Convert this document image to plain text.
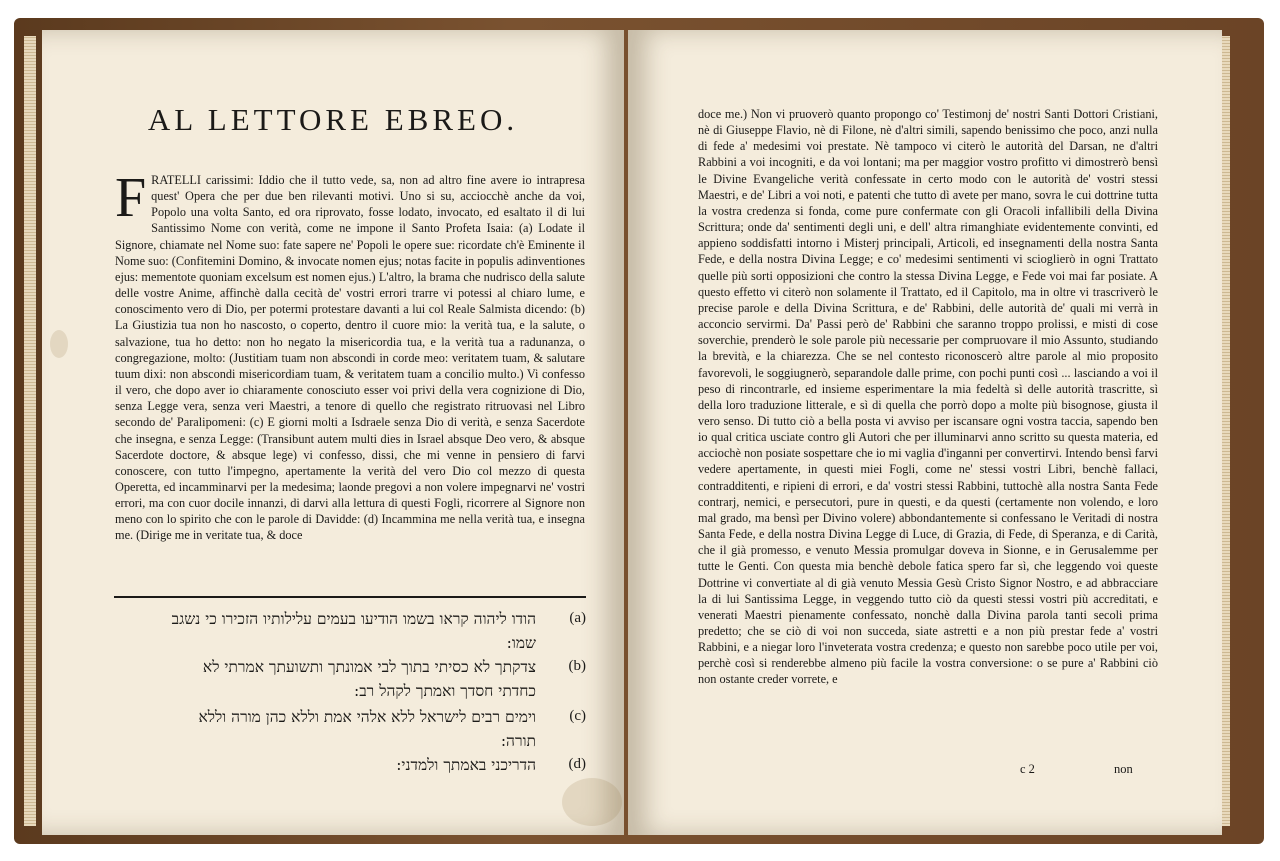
AL LETTORE EBREO.
FRATELLI carissimi: Iddio che il tutto vede, sa, non ad altro fine avere io intrapresa quest' Opera che per due ben rilevanti motivi. Uno si su, acciocchè anche da voi, Popolo una volta Santo, ed ora riprovato, fosse lodato, invocato, ed esaltato il di lui Santissimo Nome con verità, come ne impone il Santo Profeta Isaia: (a) Lodate il Signore, chiamate nel Nome suo: fate sapere ne' Popoli le opere sue: ricordate ch'è Eminente il Nome suo: (Confitemini Domino, & invocate nomen ejus; notas facite in populis adinventiones ejus: mementote quoniam excelsum est nomen ejus.) L'altro, la brama che nudrisco della salute delle vostre Anime, affinchè dalla cecità de' vostri errori trarre vi potessi al chiaro lume, e conoscimento vero di Dio, per potermi protestare davanti a lui col Reale Salmista dicendo: (b) La Giustizia tua non ho nascosto, o coperto, dentro il cuore mio: la verità tua, e la salute, o salvazione, tua ho detto: non ho negato la misericordia tua, e la verità tua a radunanza, o congregazione, molto: (Justitiam tuam non abscondi in corde meo: veritatem tuam, & salutare tuum dixi: non abscondi misericordiam tuam, & veritatem tuam a concilio multo.) Vi confesso il vero, che dopo aver io chiaramente conosciuto esser voi privi della vera cognizione di Dio, senza Legge vera, senza veri Maestri, a tenore di quello che registrato ritruovasi nel Libro secondo de' Paralipomeni: (c) E giorni molti a Isdraele senza Dio di verità, e senza Sacerdote che insegna, e senza Legge: (Transibunt autem multi dies in Israel absque Deo vero, & absque Sacerdote doctore, & absque lege) vi confesso, dissi, che mi venne in pensiero di farvi conoscere, con tutto l'impegno, apertamente la verità del vero Dio col mezzo di questa Operetta, ed incamminarvi per la medesima; laonde pregovi a non volere impegnarvi ne' vostri errori, ma con cuor docile innanzi, di darvi alla lettura di questi Fogli, ricorrere al Signore non meno con lo spirito che con le parole di Davidde: (d) Incammina me nella verità tua, e insegna me. (Dirige me in veritate tua, & doce
(a)
הודו ליהוה קראו בשמו הודיעו בעמים עלילותיו הזכירו כי נשגב
שמו:
(b)
צדקתך לא כסיתי בתוך לבי אמונתך ותשועתך אמרתי לא
כחדתי חסדך ואמתך לקהל רב:
(c)
וימים רבים לישראל ללא אלהי אמת וללא כהן מורה וללא
תורה:
(d)
הדריכני באמתך ולמדני:
doce me.) Non vi pruoverò quanto propongo co' Testimonj de' nostri Santi Dottori Cristiani, nè di Giuseppe Flavio, nè di Filone, nè d'altri simili, sapendo benissimo che poco, anzi nulla di fede a' medesimi voi prestate. Nè tampoco vi citerò le autorità del Darsan, ne d'altri Rabbini a voi incogniti, e da voi lontani; ma per maggior vostro profitto vi dimostrerò bensì le Divine Evangeliche verità confessate in certo modo con le autorità de' vostri stessi Maestri, e de' Libri a voi noti, e patenti che tutto dì avete per mano, sovra le cui dottrine tutta la vostra credenza si fonda, come pure confermate con gli Oracoli infallibili della Divina Scrittura; onde da' sentimenti degli uni, e dell' altra rimanghiate evidentemente convinti, ed appieno soddisfatti intorno i Misterj principali, Articoli, ed insegnamenti della nostra Santa Fede, e della nostra Divina Legge; e co' medesimi sentimenti vi scioglierò in ogni Trattato quelle più sorti opposizioni che contro la stessa Divina Legge, e Fede voi mai far posiate. A questo effetto vi citerò non solamente il Trattato, ed il Capitolo, ma in oltre vi trascriverò le precise parole e della Divina Scrittura, e de' Rabbini, delle autorità de' quali mi verrà in acconcio servirmi. Da' Passi però de' Rabbini che saranno troppo prolissi, e misti di cose soverchie, prenderò le sole parole più necessarie per compruovare il mio Assunto, studiando la brevità, e la chiarezza. Che se nel contesto riconoscerò altre parole al mio proposito favorevoli, le soggiugnerò, separandole dalle prime, con pochi punti così ... lasciando a voi il peso di rincontrarle, ed insieme esperimentare la mia fedeltà sì delle autorità trascritte, sì della loro traduzione litterale, e sì di quella che porrò dopo a molte più bisognose, giusta il vero senso. Di tutto ciò a bella posta vi avviso per iscansare ogni vostra taccia, sapendo ben io qual critica usciate contro gli Autori che per illuminarvi anno scritto su questa materia, ed acciochè non posiate sospettare che io mi vaglia d'inganni per convertirvi. Intendo bensì farvi vedere apertamente, in questi miei Fogli, come ne' stessi vostri Libri, benchè fallaci, contradditenti, e ripieni di errori, e da' vostri stessi Rabbini, tuttochè alla nostra Santa Fede contrarj, nemici, e persecutori, pure in questi, e da questi (certamente non volendo, e loro mal grado, ma bensì per Divino volere) abbondantemente si confessano le Veritadi di nostra Santa Fede, e della nostra Divina Legge di Luce, di Grazia, di Fede, di Speranza, e di Carità, che il già promesso, e venuto Messia promulgar doveva in Sionne, e in Gerusalemme per tutte le Genti. Con questa mia benchè debole fatica spero far sì, che leggendo voi queste Dottrine vi convertiate al di già venuto Messia Gesù Cristo Signor Nostro, e ad abbracciare la di lui Santissima Legge, in veggendo tutto ciò da questi stessi vostri più accreditati, e venerati Maestri pienamente confessato, nonchè dalla Divina parola tanti secoli prima predetto; che se ciò di voi non succeda, siate astretti e a non più prestar fede a' vostri Rabbini, e a niegar loro l'inveterata vostra credenza; e questo non sarebbe poco utile per voi, perchè così si renderebbe almeno più facile la vostra conversione: o se pure a' Rabbini ciò non ostante creder vorrete, e
c 2	non
